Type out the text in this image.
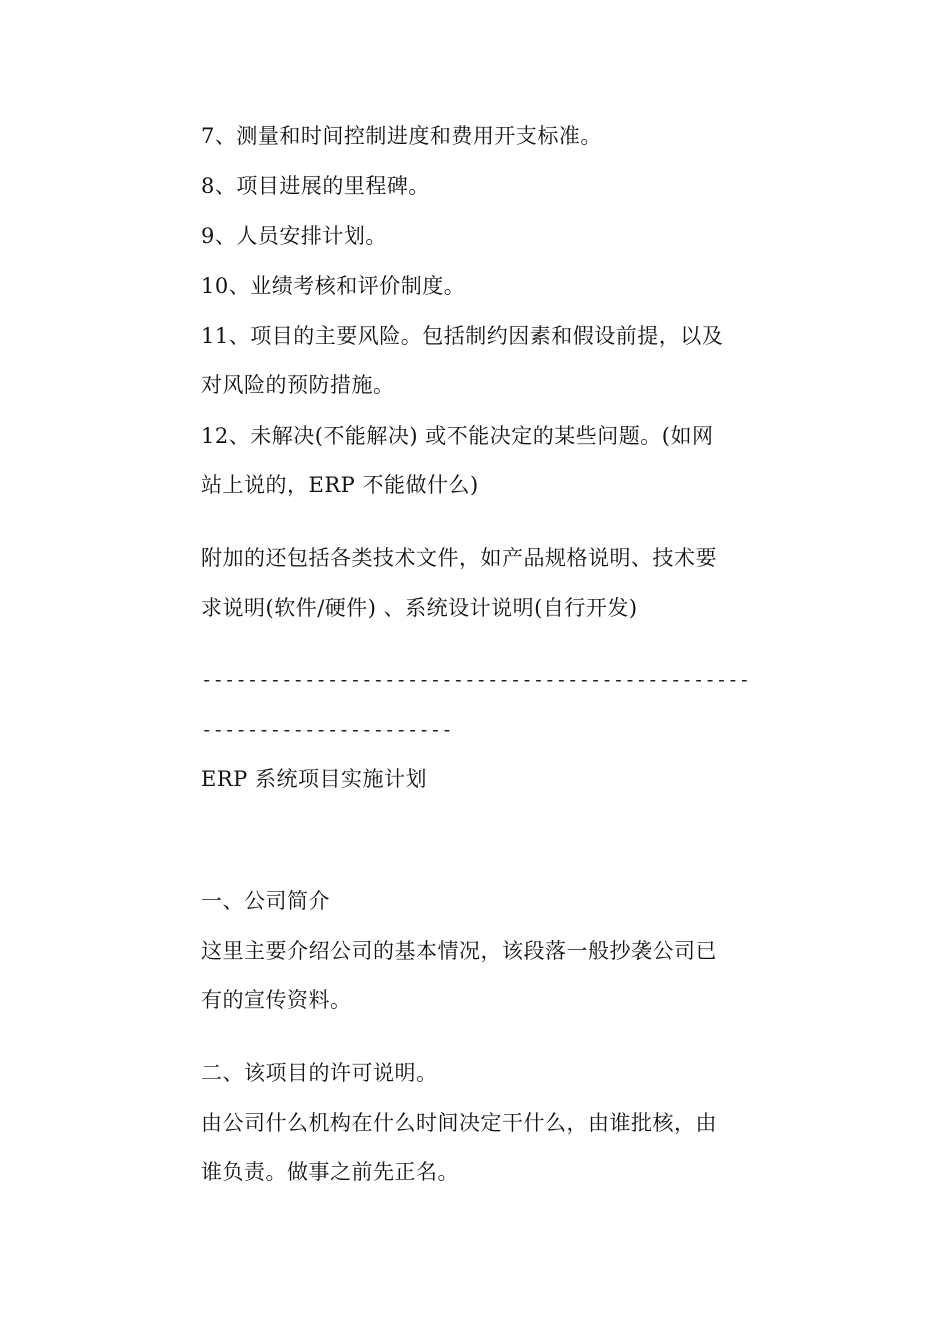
7、测量和时间控制进度和费用开支标准。
8、项目进展的里程碑。
9、人员安排计划。
10、业绩考核和评价制度。
11、项目的主要风险。包括制约因素和假设前提，以及
对风险的预防措施。
12、未解决(不能解决) 或不能决定的某些问题。(如网
站上说的，ERP 不能做什么)
附加的还包括各类技术文件，如产品规格说明、技术要
求说明(软件/硬件) 、系统设计说明(自行开发)
------------------------------------------------
----------------------
ERP 系统项目实施计划
一、公司简介
这里主要介绍公司的基本情况，该段落一般抄袭公司已
有的宣传资料。
二、该项目的许可说明。
由公司什么机构在什么时间决定干什么，由谁批核，由
谁负责。做事之前先正名。
